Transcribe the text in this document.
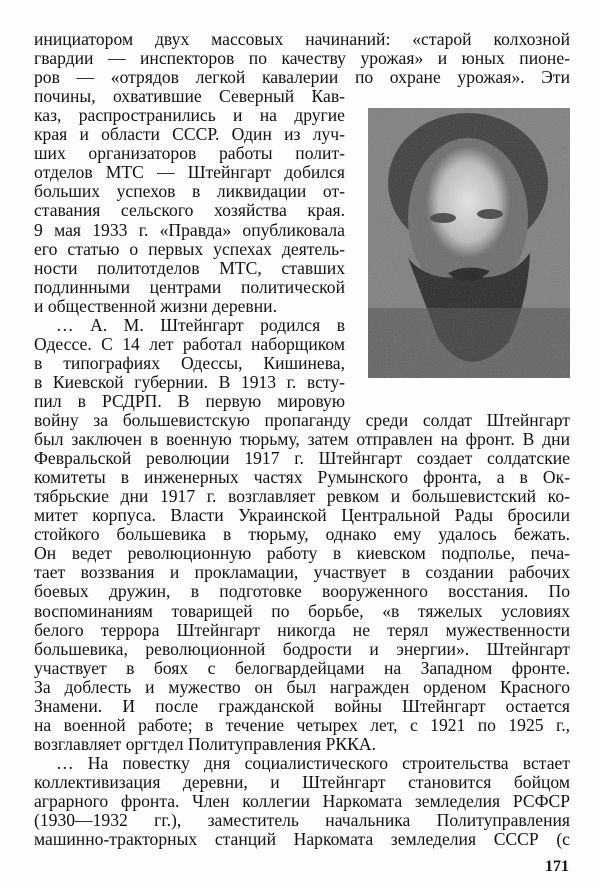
инициатором двух массовых начинаний: «старой колхозной
гвардии — инспекторов по качеству урожая» и юных пионе-
ров — «отрядов легкой кавалерии по охране урожая». Эти
почины, охватившие Северный Кав-
каз, распространились и на другие
края и области СССР. Один из луч-
ших организаторов работы полит-
отделов МТС — Штейнгарт добился
больших успехов в ликвидации от-
ставания сельского хозяйства края.
9 мая 1933 г. «Правда» опубликовала
его статью о первых успехах деятель-
ности политотделов МТС, ставших
подлинными центрами политической
и общественной жизни деревни.
… А. М. Штейнгарт родился в
Одессе. С 14 лет работал наборщиком
в типографиях Одессы, Кишинева,
в Киевской губернии. В 1913 г. всту-
пил в РСДРП. В первую мировую
войну за большевистскую пропаганду среди солдат Штейнгарт
был заключен в военную тюрьму, затем отправлен на фронт. В дни
Февральской революции 1917 г. Штейнгарт создает солдатские
комитеты в инженерных частях Румынского фронта, а в Ок-
тябрьские дни 1917 г. возглавляет ревком и большевистский ко-
митет корпуса. Власти Украинской Центральной Рады бросили
стойкого большевика в тюрьму, однако ему удалось бежать.
Он ведет революционную работу в киевском подполье, печа-
тает воззвания и прокламации, участвует в создании рабочих
боевых дружин, в подготовке вооруженного восстания. По
воспоминаниям товарищей по борьбе, «в тяжелых условиях
белого террора Штейнгарт никогда не терял мужественности
большевика, революционной бодрости и энергии». Штейнгарт
участвует в боях с белогвардейцами на Западном фронте.
За доблесть и мужество он был награжден орденом Красного
Знамени. И после гражданской войны Штейнгарт остается
на военной работе; в течение четырех лет, с 1921 по 1925 г.,
возглавляет оргтдел Политуправления РККА.
… На повестку дня социалистического строительства встает
коллективизация деревни, и Штейнгарт становится бойцом
аграрного фронта. Член коллегии Наркомата земледелия РСФСР
(1930—1932 гг.), заместитель начальника Политуправления
машинно-тракторных станций Наркомата земледелия СССР (с
171
